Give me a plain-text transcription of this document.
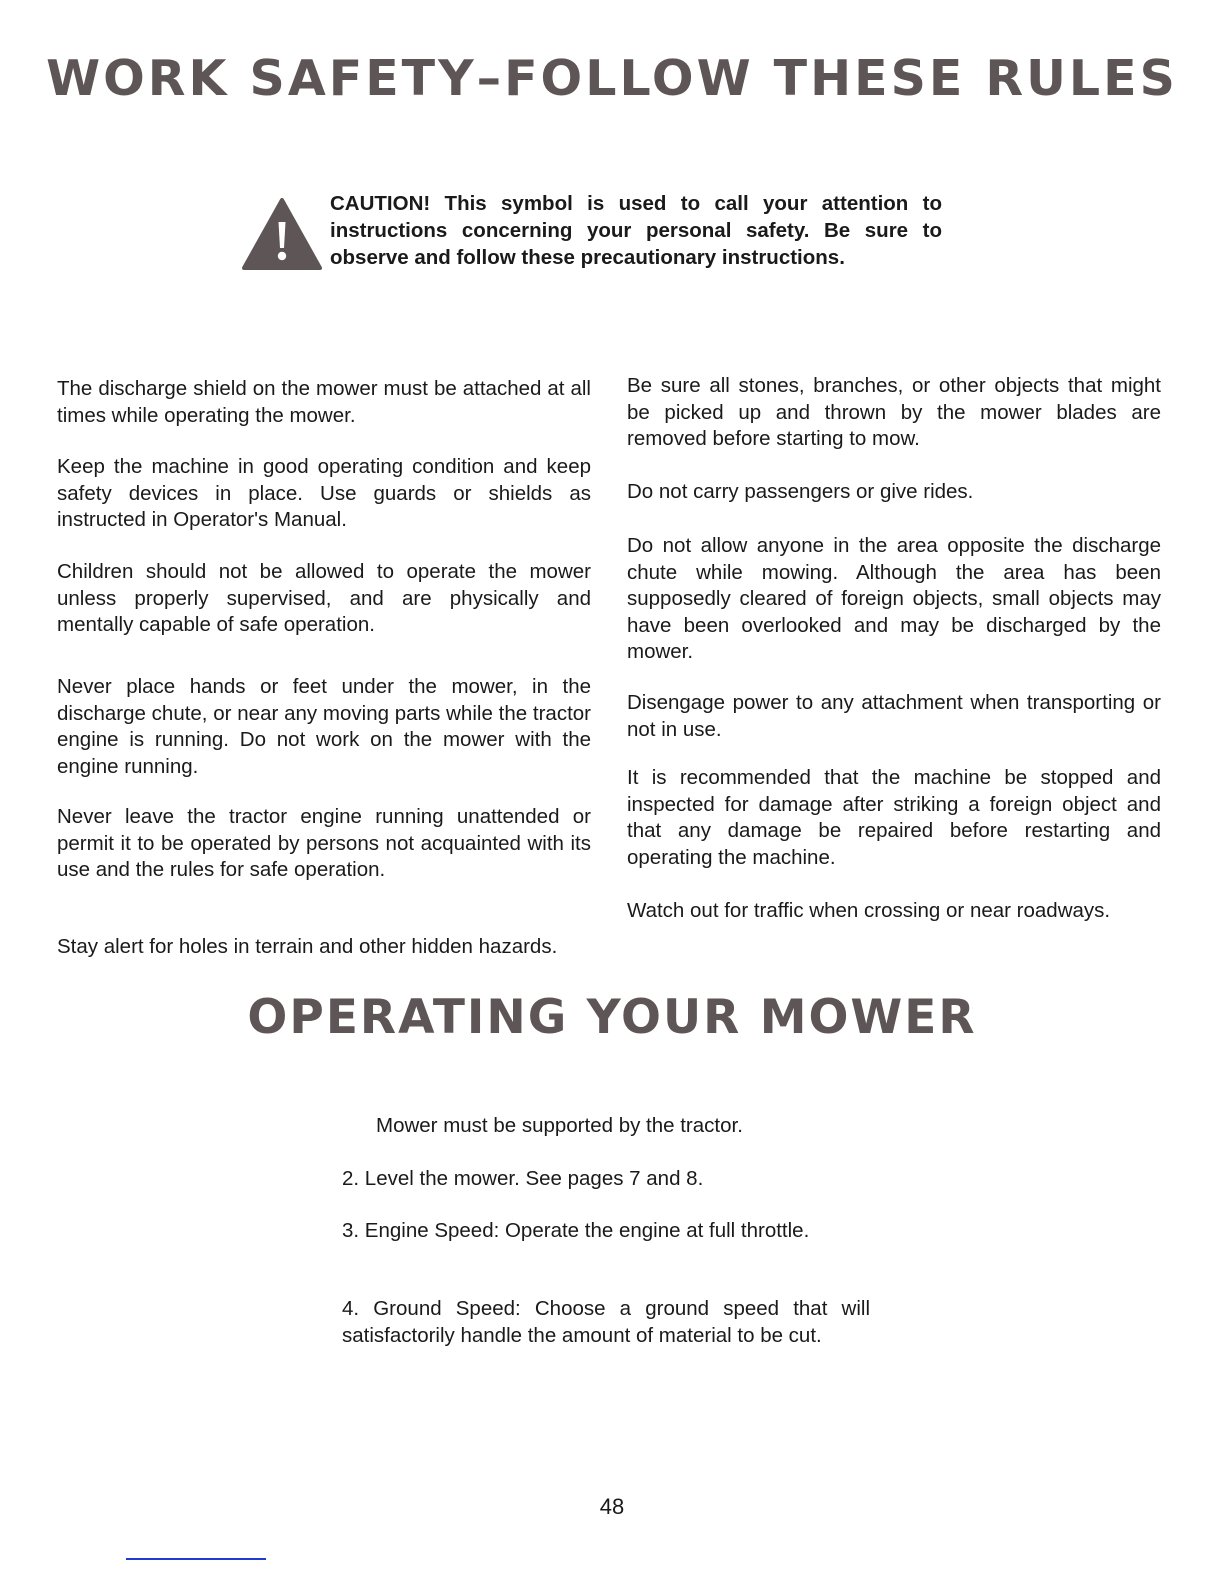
WORK SAFETY–FOLLOW THESE RULES

CAUTION! This symbol is used to call your attention to instructions concerning your personal safety. Be sure to observe and follow these precautionary instructions.

The discharge shield on the mower must be attached at all times while operating the mower.

Keep the machine in good operating condition and keep safety devices in place. Use guards or shields as instructed in Operator's Manual.

Children should not be allowed to operate the mower unless properly supervised, and are physically and mentally capable of safe operation.

Never place hands or feet under the mower, in the discharge chute, or near any moving parts while the tractor engine is running. Do not work on the mower with the engine running.

Never leave the tractor engine running unattended or permit it to be operated by persons not acquainted with its use and the rules for safe operation.

Stay alert for holes in terrain and other hidden hazards.

Be sure all stones, branches, or other objects that might be picked up and thrown by the mower blades are removed before starting to mow.

Do not carry passengers or give rides.

Do not allow anyone in the area opposite the discharge chute while mowing. Although the area has been supposedly cleared of foreign objects, small objects may have been overlooked and may be discharged by the mower.

Disengage power to any attachment when transporting or not in use.

It is recommended that the machine be stopped and inspected for damage after striking a foreign object and that any damage be repaired before restarting and operating the machine.

Watch out for traffic when crossing or near roadways.

OPERATING YOUR MOWER

Mower must be supported by the tractor.

2. Level the mower. See pages 7 and 8.

3. Engine Speed: Operate the engine at full throttle.

4. Ground Speed: Choose a ground speed that will satisfactorily handle the amount of material to be cut.

48
